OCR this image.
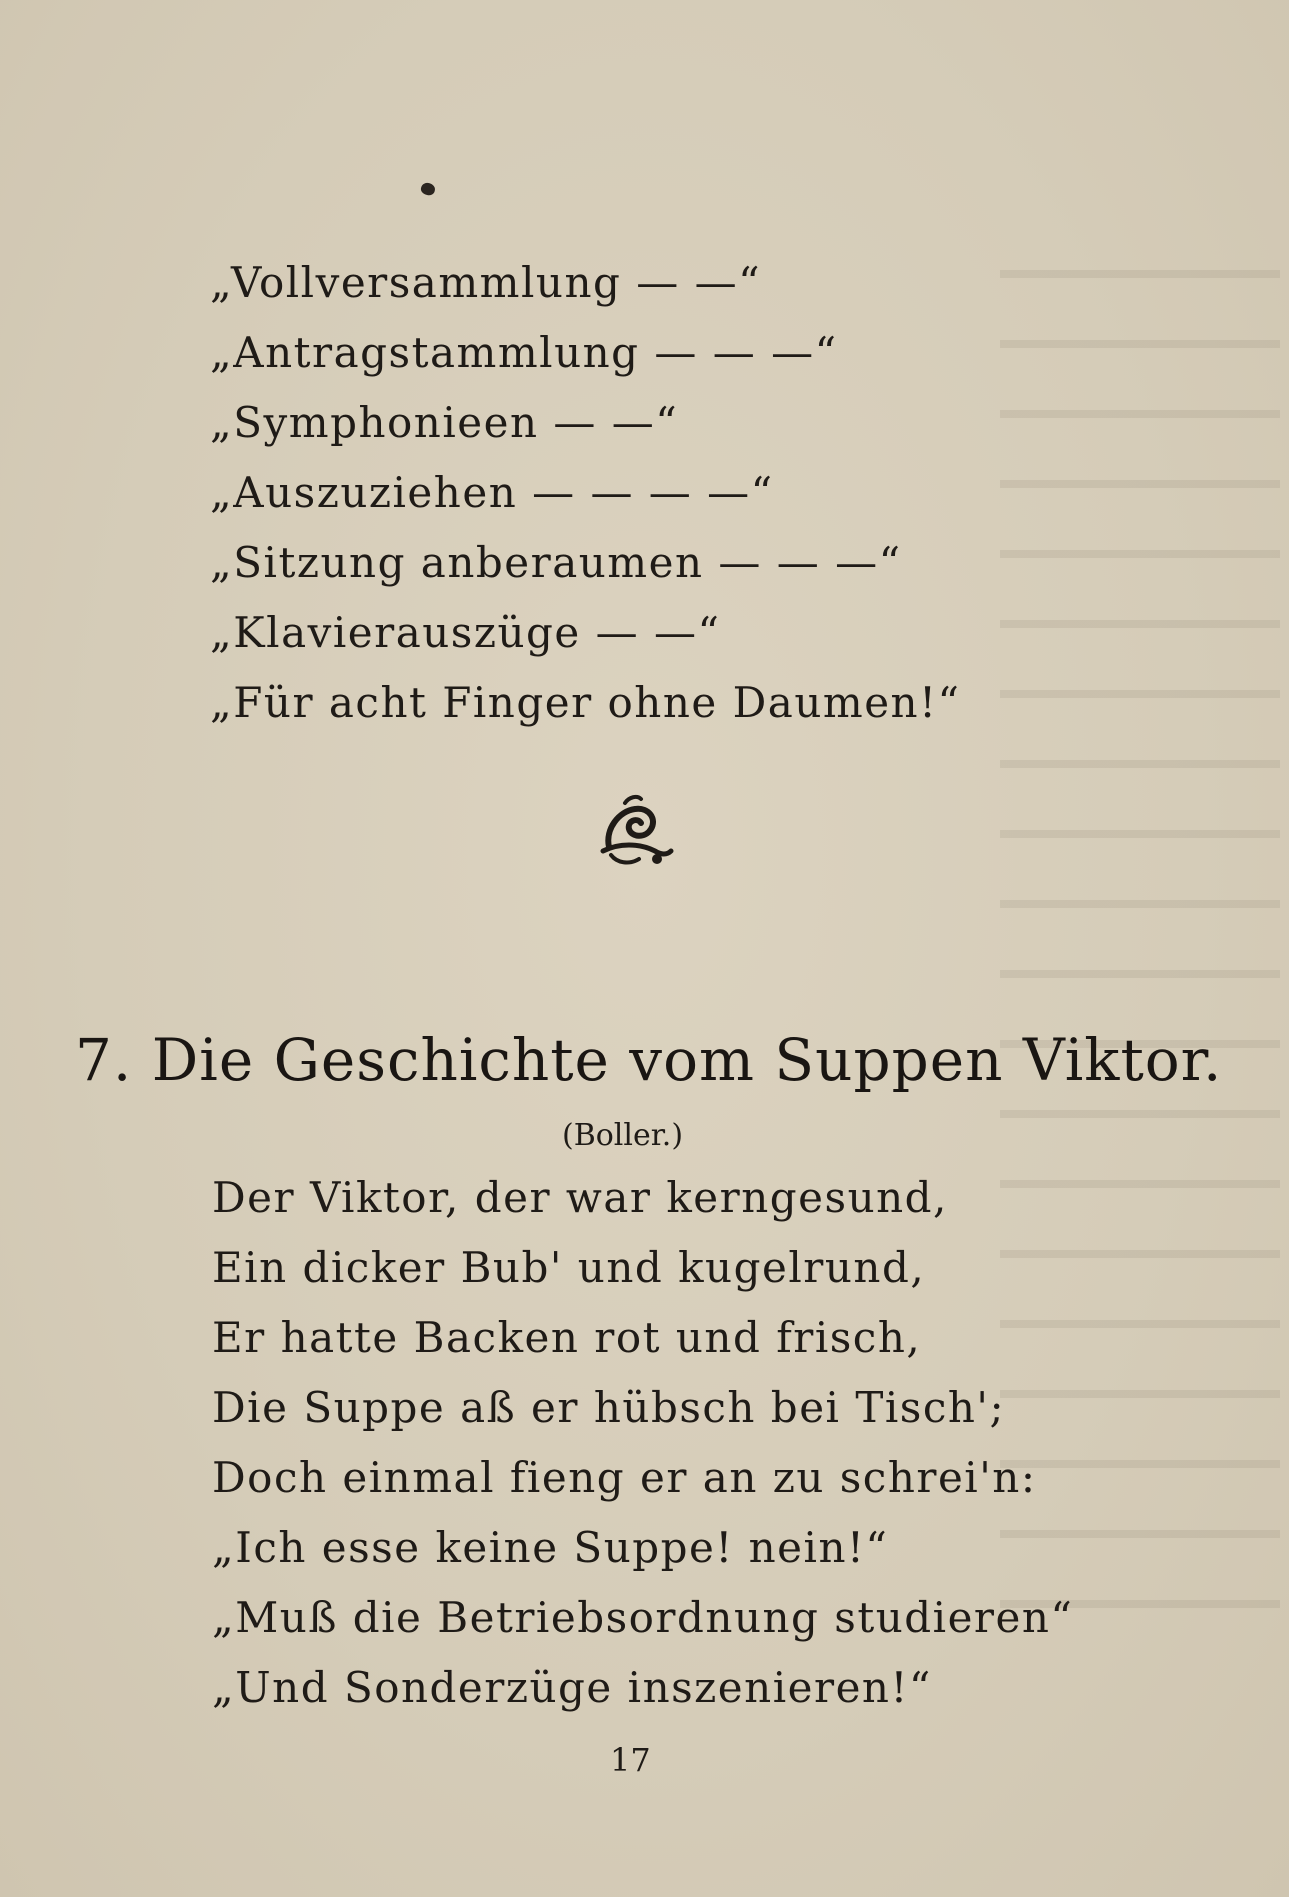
„Vollversammlung — —“
„Antragstammlung — — —“
„Symphonieen — —“
„Auszuziehen — — — —“
„Sitzung anberaumen — — —“
„Klavierauszüge — —“
„Für acht Finger ohne Daumen!“
7. Die Geschichte vom Suppen Viktor.
(Boller.)
Der Viktor, der war kerngesund,
Ein dicker Bub' und kugelrund,
Er hatte Backen rot und frisch,
Die Suppe aß er hübsch bei Tisch';
Doch einmal fieng er an zu schrei'n:
„Ich esse keine Suppe! nein!“
„Muß die Betriebsordnung studieren“
„Und Sonderzüge inszenieren!“
17
